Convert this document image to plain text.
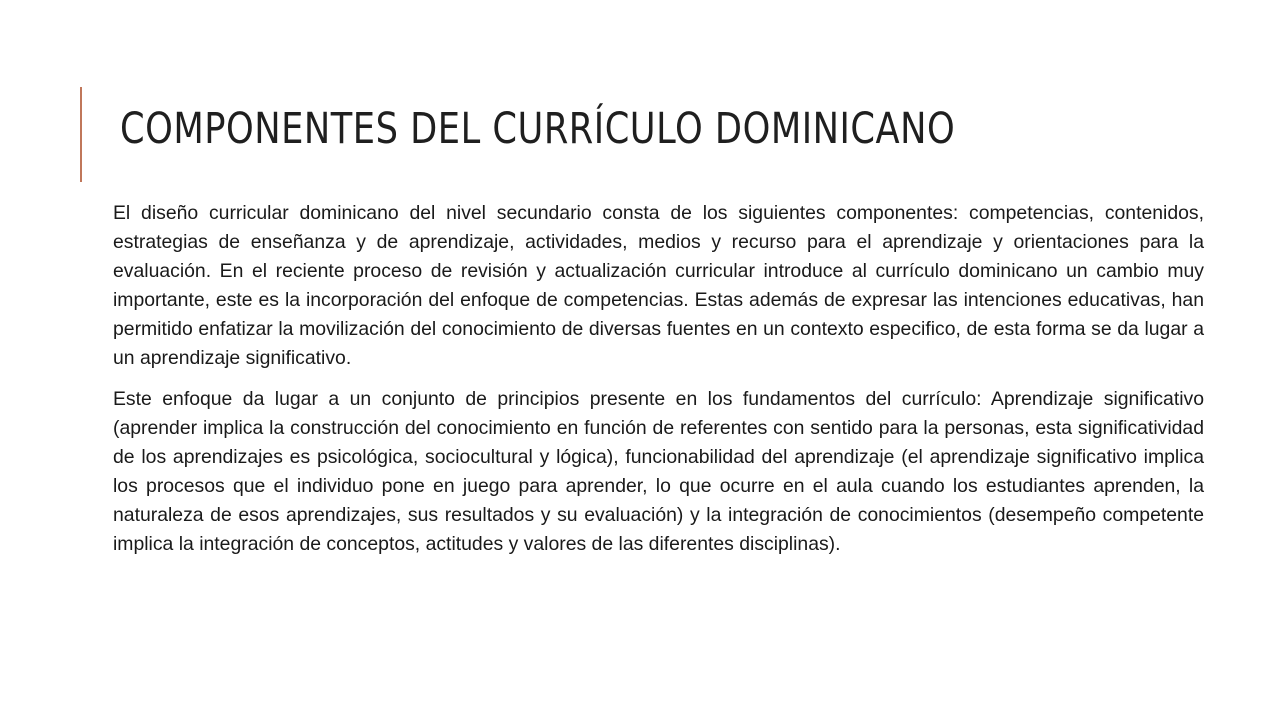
COMPONENTES DEL CURRÍCULO DOMINICANO

El diseño curricular dominicano del nivel secundario consta de los siguientes componentes: competencias, contenidos, estrategias de enseñanza y de aprendizaje, actividades, medios y recurso para el aprendizaje y orientaciones para la evaluación. En el reciente proceso de revisión y actualización curricular introduce al currículo dominicano un cambio muy importante, este es la incorporación del enfoque de competencias. Estas además de expresar las intenciones educativas, han permitido enfatizar la movilización del conocimiento de diversas fuentes en un contexto especifico, de esta forma se da lugar a un aprendizaje significativo.

Este enfoque da lugar a un conjunto de principios presente en los fundamentos del currículo: Aprendizaje significativo (aprender implica la construcción del conocimiento en función de referentes con sentido para la personas, esta significatividad de los aprendizajes es psicológica, sociocultural y lógica), funcionabilidad del aprendizaje (el aprendizaje significativo implica los procesos que el individuo pone en juego para aprender, lo que ocurre en el aula cuando los estudiantes aprenden, la naturaleza de esos aprendizajes, sus resultados y su evaluación) y la integración de conocimientos (desempeño competente implica la integración de conceptos, actitudes y valores de las diferentes disciplinas).
